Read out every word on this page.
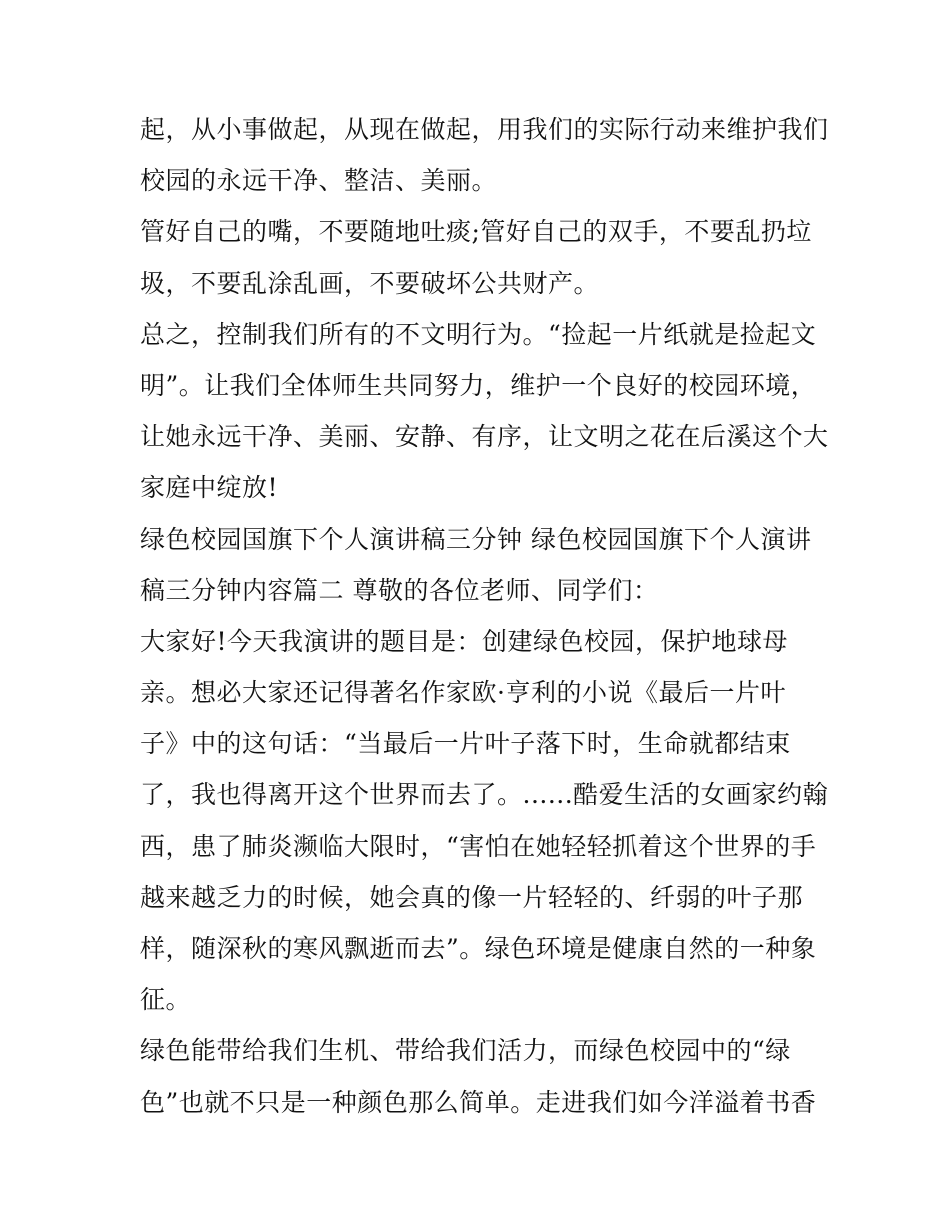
起，从小事做起，从现在做起，用我们的实际行动来维护我们
校园的永远干净、整洁、美丽。
管好自己的嘴，不要随地吐痰;管好自己的双手，不要乱扔垃
圾，不要乱涂乱画，不要破坏公共财产。
总之，控制我们所有的不文明行为。“捡起一片纸就是捡起文
明”。让我们全体师生共同努力，维护一个良好的校园环境，
让她永远干净、美丽、安静、有序，让文明之花在后溪这个大
家庭中绽放!
绿色校园国旗下个人演讲稿三分钟 绿色校园国旗下个人演讲
稿三分钟内容篇二 尊敬的各位老师、同学们：
大家好!今天我演讲的题目是：创建绿色校园，保护地球母
亲。想必大家还记得著名作家欧·亨利的小说《最后一片叶
子》中的这句话：“当最后一片叶子落下时，生命就都结束
了，我也得离开这个世界而去了。......酷爱生活的女画家约翰
西，患了肺炎濒临大限时，“害怕在她轻轻抓着这个世界的手
越来越乏力的时候，她会真的像一片轻轻的、纤弱的叶子那
样，随深秋的寒风飘逝而去”。绿色环境是健康自然的一种象
征。
绿色能带给我们生机、带给我们活力，而绿色校园中的“绿
色”也就不只是一种颜色那么简单。走进我们如今洋溢着书香
